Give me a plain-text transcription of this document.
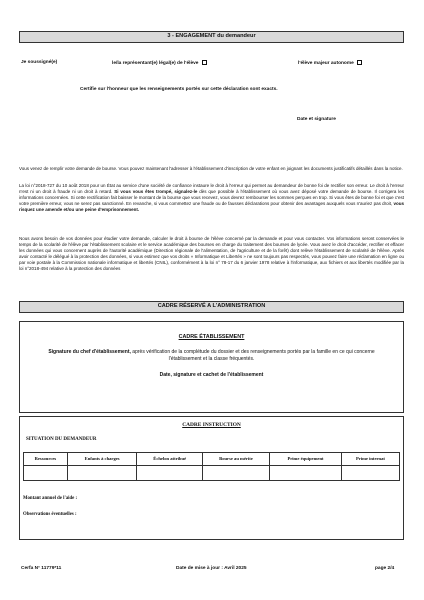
3 - ENGAGEMENT du demandeur
Je soussigné(e)	le/la représentant(e) légal(e) de l'élève	l'élève majeur autonome
Certifie sur l'honneur que les renseignements portés sur cette déclaration sont exacts.
Date et signature
Vous venez de remplir votre demande de bourse. Vous pouvez maintenant l'adresser à l'établissement d'inscription de votre enfant en joignant les documents justificatifs détaillés dans la notice.
La loi n°2018-727 du 10 août 2018 pour un État au service d'une société de confiance instaure le droit à l'erreur qui permet au demandeur de bonne foi de rectifier son erreur. Le droit à l'erreur n'est ni un droit à fraude ni un droit à retard. Si vous vous êtes trompé, signalez-le dès que possible à l'établissement où vous avez déposé votre demande de bourse. Il corrigera les informations concernées. Si cette rectification fait baisser le montant de la bourse que vous recevez, vous devrez rembourser les sommes perçues en trop. Si vous êtes de bonne foi et que c'est votre première erreur, vous ne serez pas sanctionné. En revanche, si vous commettez une fraude ou de fausses déclarations pour obtenir des avantages auxquels vous n'auriez pas droit, vous risquez une amende et/ou une peine d'emprisonnement.
Nous avons besoin de vos données pour étudier votre demande, calculer le droit à bourse de l'élève concerné par la demande et pour vous contacter. Vos informations seront conservées le temps de la scolarité de l'élève par l'établissement scolaire et le service académique des bourses en charge du traitement des bourses de lycée. Vous avez le droit d'accéder, rectifier et effacer les données qui vous concernent auprès de l'autorité académique (Direction régionale de l'alimentation, de l'agriculture et de la forêt) dont relève l'établissement de scolarité de l'élève. Après avoir contacté le délégué à la protection des données, si vous estimez que vos droits « Informatique et Libertés » ne sont toujours pas respectés, vous pouvez faire une réclamation en ligne ou par voie postale à la Commission nationale informatique et libertés (CNIL), conformément à la loi n° 78-17 du 6 janvier 1978 relative à l'informatique, aux fichiers et aux libertés modifiée par la loi n°2018-494 relative à la protection des données
CADRE RÉSERVÉ A L'ADMINISTRATION
CADRE ÉTABLISSEMENT
Signature du chef d'établissement, après vérification de la complétude du dossier et des renseignements portés par la famille en ce qui concerne l'établissement et la classe fréquentés.
Date, signature et cachet de l'établissement
CADRE INSTRUCTION
SITUATION DU DEMANDEUR
Montant annuel de l'aide :
Observations éventuelles :
Ressources	Enfants à charges	Échelon attribué	Bourse au mérite	Prime équipement	Prime internat

Cerfa N° 11779*11	Date de mise à jour : Avril 2025	page 2/4
